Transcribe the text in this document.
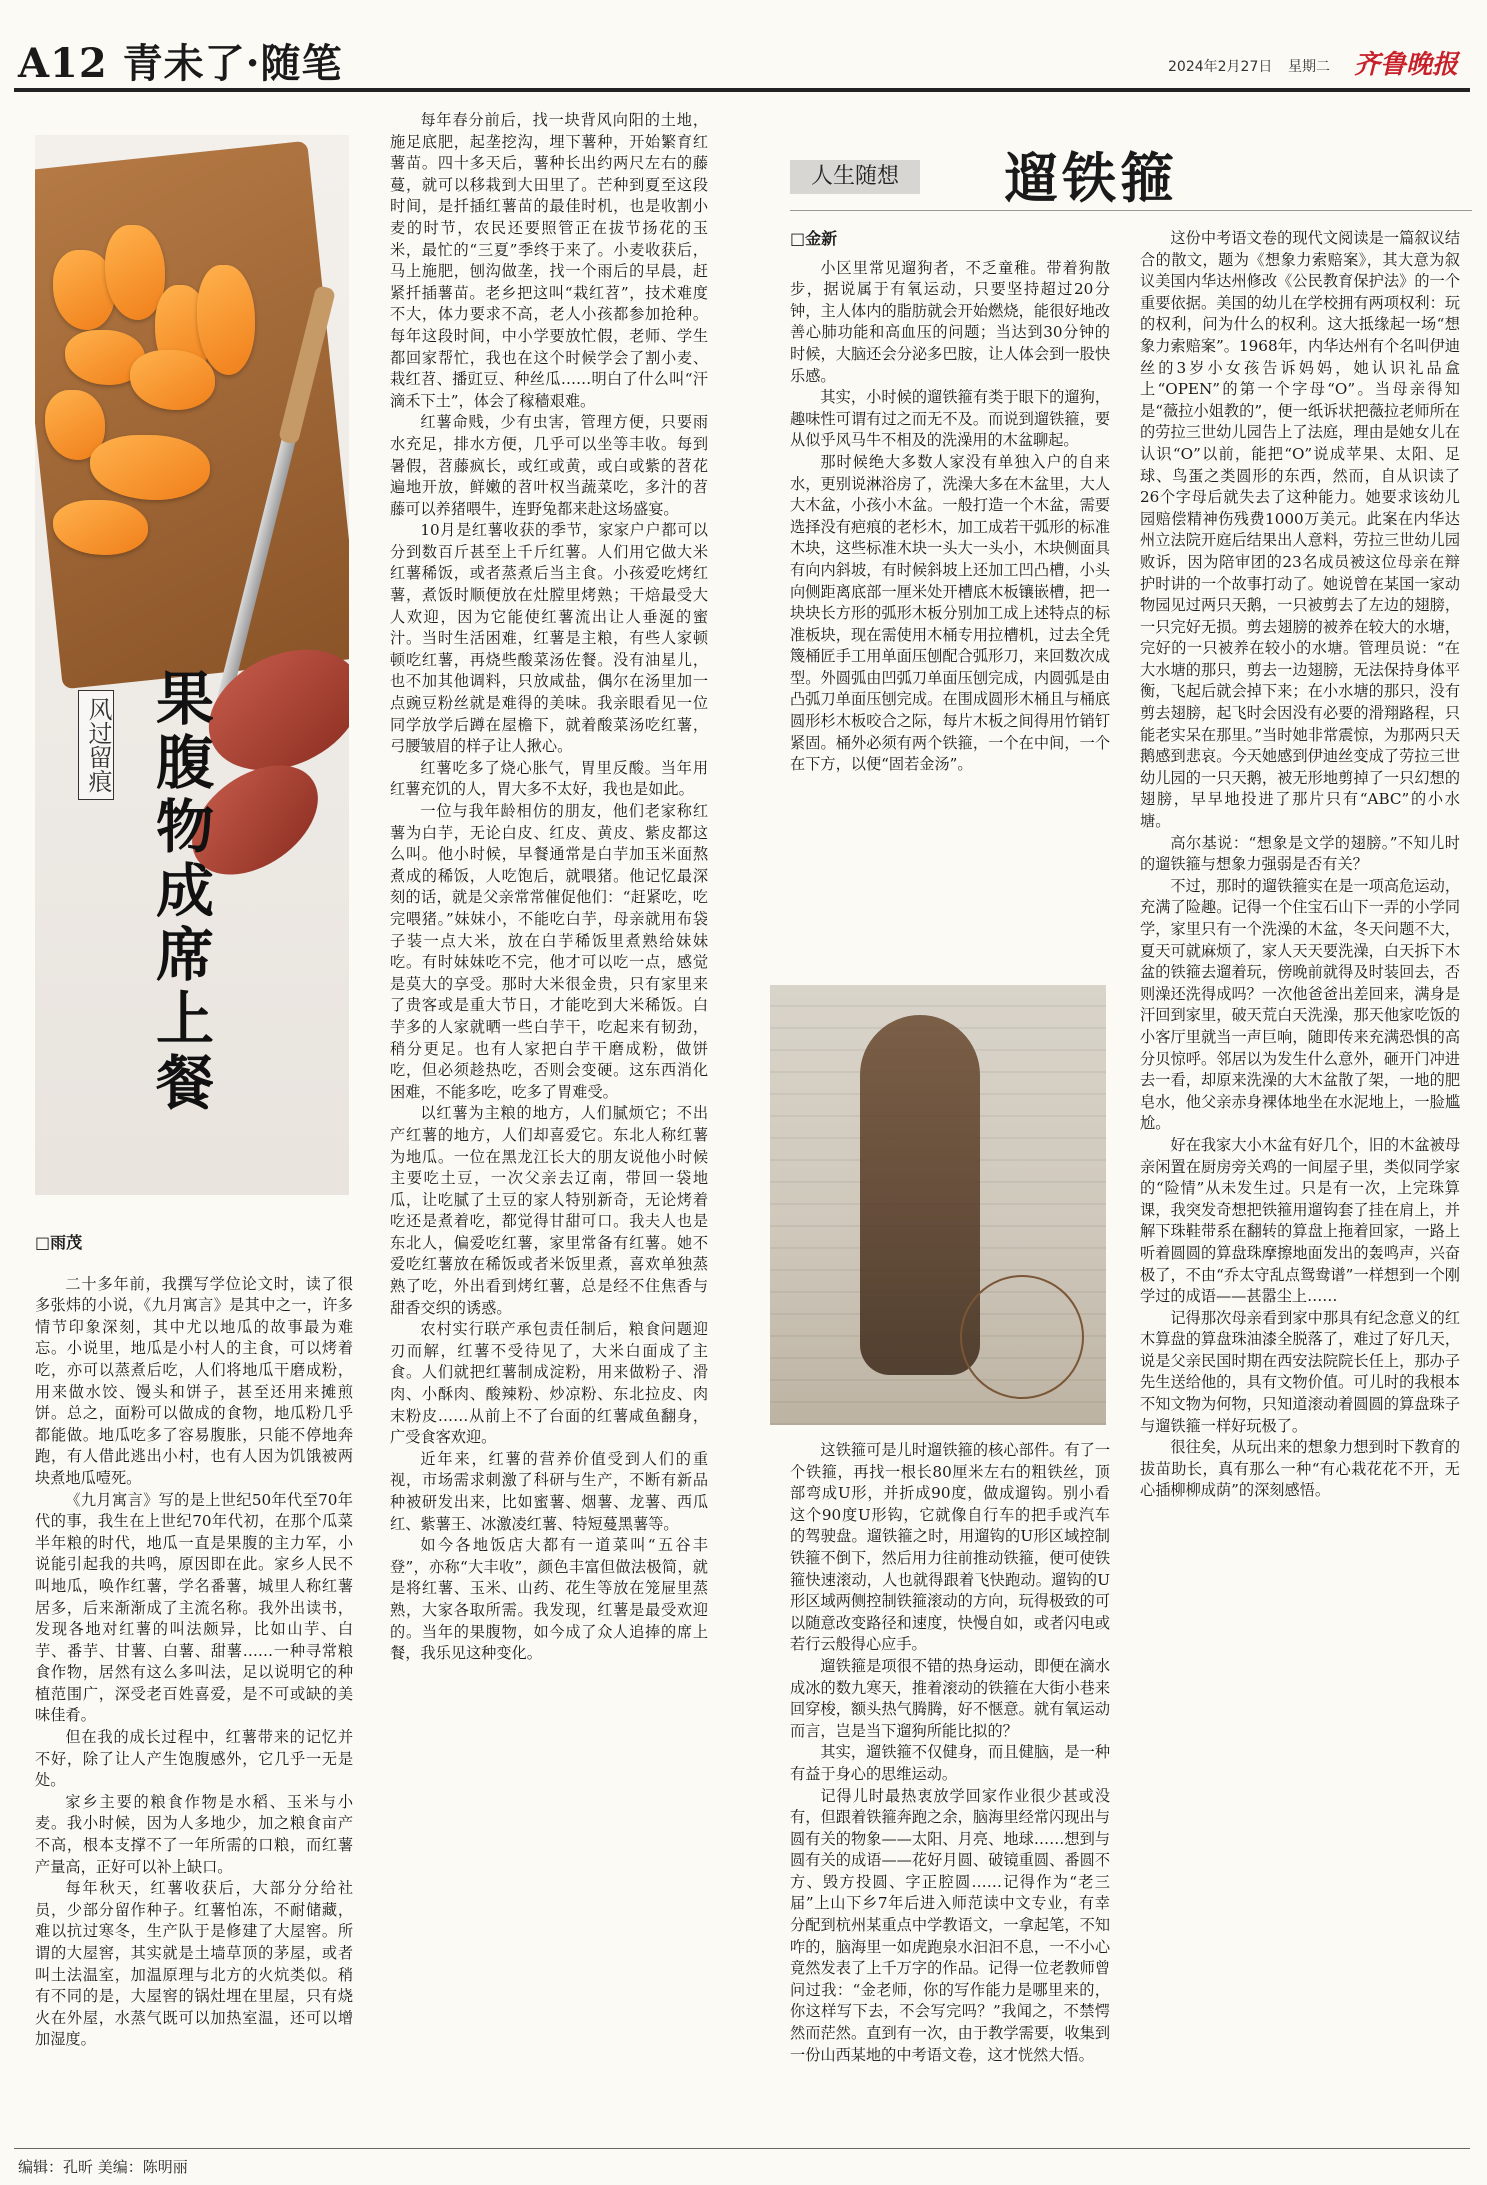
A12 青未了·随笔	2024年2月27日 星期二 齐鲁晚报
风过留痕 果腹物成席上餐
□雨茂

二十多年前，我撰写学位论文时，读了很多张炜的小说，《九月寓言》是其中之一，许多情节印象深刻，其中尤以地瓜的故事最为难忘。小说里，地瓜是小村人的主食，可以烤着吃，亦可以蒸煮后吃，人们将地瓜干磨成粉，用来做水饺、馒头和饼子，甚至还用来摊煎饼。总之，面粉可以做成的食物，地瓜粉几乎都能做。地瓜吃多了容易腹胀，只能不停地奔跑，有人借此逃出小村，也有人因为饥饿被两块煮地瓜噎死。

《九月寓言》写的是上世纪50年代至70年代的事，我生在上世纪70年代初，在那个瓜菜半年粮的时代，地瓜一直是果腹的主力军，小说能引起我的共鸣，原因即在此。家乡人民不叫地瓜，唤作红薯，学名番薯，城里人称红薯居多，后来渐渐成了主流名称。我外出读书，发现各地对红薯的叫法颇异，比如山芋、白芋、番芋、甘薯、白薯、甜薯……一种寻常粮食作物，居然有这么多叫法，足以说明它的种植范围广，深受老百姓喜爱，是不可或缺的美味佳肴。

但在我的成长过程中，红薯带来的记忆并不好，除了让人产生饱腹感外，它几乎一无是处。

家乡主要的粮食作物是水稻、玉米与小麦。我小时候，因为人多地少，加之粮食亩产不高，根本支撑不了一年所需的口粮，而红薯产量高，正好可以补上缺口。

每年秋天，红薯收获后，大部分分给社员，少部分留作种子。红薯怕冻，不耐储藏，难以抗过寒冬，生产队于是修建了大屋窖。所谓的大屋窖，其实就是土墙草顶的茅屋，或者叫土法温室，加温原理与北方的火炕类似。稍有不同的是，大屋窖的锅灶埋在里屋，只有烧火在外屋，水蒸气既可以加热室温，还可以增加湿度。

每年春分前后，找一块背风向阳的土地，施足底肥，起垄挖沟，埋下薯种，开始繁育红薯苗。四十多天后，薯种长出约两尺左右的藤蔓，就可以移栽到大田里了。芒种到夏至这段时间，是扦插红薯苗的最佳时机，也是收割小麦的时节，农民还要照管正在拔节扬花的玉米，最忙的“三夏”季终于来了。小麦收获后，马上施肥，刨沟做垄，找一个雨后的早晨，赶紧扦插薯苗。老乡把这叫“栽红苕”，技术难度不大，体力要求不高，老人小孩都参加抢种。每年这段时间，中小学要放忙假，老师、学生都回家帮忙，我也在这个时候学会了割小麦、栽红苕、播豇豆、种丝瓜……明白了什么叫“汗滴禾下土”，体会了稼穑艰难。

红薯命贱，少有虫害，管理方便，只要雨水充足，排水方便，几乎可以坐等丰收。每到暑假，苕藤疯长，或红或黄，或白或紫的苕花遍地开放，鲜嫩的苕叶权当蔬菜吃，多汁的苕藤可以养猪喂牛，连野兔都来赴这场盛宴。

10月是红薯收获的季节，家家户户都可以分到数百斤甚至上千斤红薯。人们用它做大米红薯稀饭，或者蒸煮后当主食。小孩爱吃烤红薯，煮饭时顺便放在灶膛里烤熟；干焙最受大人欢迎，因为它能使红薯流出让人垂涎的蜜汁。当时生活困难，红薯是主粮，有些人家顿顿吃红薯，再烧些酸菜汤佐餐。没有油星儿，也不加其他调料，只放咸盐，偶尔在汤里加一点豌豆粉丝就是难得的美味。我亲眼看见一位同学放学后蹲在屋檐下，就着酸菜汤吃红薯，弓腰皱眉的样子让人揪心。

红薯吃多了烧心胀气，胃里反酸。当年用红薯充饥的人，胃大多不太好，我也是如此。

一位与我年龄相仿的朋友，他们老家称红薯为白芋，无论白皮、红皮、黄皮、紫皮都这么叫。他小时候，早餐通常是白芋加玉米面熬煮成的稀饭，人吃饱后，就喂猪。他记忆最深刻的话，就是父亲常常催促他们：“赶紧吃，吃完喂猪。”妹妹小，不能吃白芋，母亲就用布袋子装一点大米，放在白芋稀饭里煮熟给妹妹吃。有时妹妹吃不完，他才可以吃一点，感觉是莫大的享受。那时大米很金贵，只有家里来了贵客或是重大节日，才能吃到大米稀饭。白芋多的人家就晒一些白芋干，吃起来有韧劲，稍分更足。也有人家把白芋干磨成粉，做饼吃，但必须趁热吃，否则会变硬。这东西消化困难，不能多吃，吃多了胃难受。

以红薯为主粮的地方，人们腻烦它；不出产红薯的地方，人们却喜爱它。东北人称红薯为地瓜。一位在黑龙江长大的朋友说他小时候主要吃土豆，一次父亲去辽南，带回一袋地瓜，让吃腻了土豆的家人特别新奇，无论烤着吃还是煮着吃，都觉得甘甜可口。我夫人也是东北人，偏爱吃红薯，家里常备有红薯。她不爱吃红薯放在稀饭或者米饭里煮，喜欢单独蒸熟了吃，外出看到烤红薯，总是经不住焦香与甜香交织的诱惑。

农村实行联产承包责任制后，粮食问题迎刃而解，红薯不受待见了，大米白面成了主食。人们就把红薯制成淀粉，用来做粉子、滑肉、小酥肉、酸辣粉、炒凉粉、东北拉皮、肉末粉皮……从前上不了台面的红薯咸鱼翻身，广受食客欢迎。

近年来，红薯的营养价值受到人们的重视，市场需求刺激了科研与生产，不断有新品种被研发出来，比如蜜薯、烟薯、龙薯、西瓜红、紫薯王、冰激凌红薯、特短蔓黑薯等。

如今各地饭店大都有一道菜叫“五谷丰登”，亦称“大丰收”，颜色丰富但做法极简，就是将红薯、玉米、山药、花生等放在笼屉里蒸熟，大家各取所需。我发现，红薯是最受欢迎的。当年的果腹物，如今成了众人追捧的席上餐，我乐见这种变化。

人生随想	遛铁箍
□金新

小区里常见遛狗者，不乏童稚。带着狗散步，据说属于有氧运动，只要坚持超过20分钟，主人体内的脂肪就会开始燃烧，能很好地改善心肺功能和高血压的问题；当达到30分钟的时候，大脑还会分泌多巴胺，让人体会到一股快乐感。

其实，小时候的遛铁箍有类于眼下的遛狗，趣味性可谓有过之而无不及。而说到遛铁箍，要从似乎风马牛不相及的洗澡用的木盆聊起。

那时候绝大多数人家没有单独入户的自来水，更别说淋浴房了，洗澡大多在木盆里，大人大木盆，小孩小木盆。一般打造一个木盆，需要选择没有疤痕的老杉木，加工成若干弧形的标准木块，这些标准木块一头大一头小，木块侧面具有向内斜坡，有时候斜坡上还加工凹凸槽，小头向侧距离底部一厘米处开槽底木板镶嵌槽，把一块块长方形的弧形木板分别加工成上述特点的标准板块，现在需使用木桶专用拉槽机，过去全凭篾桶匠手工用单面压刨配合弧形刀，来回数次成型。外圆弧由凹弧刀单面压刨完成，内圆弧是由凸弧刀单面压刨完成。在围成圆形木桶且与桶底圆形杉木板咬合之际，每片木板之间得用竹销钉紧固。桶外必须有两个铁箍，一个在中间，一个在下方，以便“固若金汤”。

这铁箍可是儿时遛铁箍的核心部件。有了一个铁箍，再找一根长80厘米左右的粗铁丝，顶部弯成U形，并折成90度，做成遛钩。别小看这个90度U形钩，它就像自行车的把手或汽车的驾驶盘。遛铁箍之时，用遛钩的U形区域控制铁箍不倒下，然后用力往前推动铁箍，便可使铁箍快速滚动，人也就得跟着飞快跑动。遛钩的U形区域两侧控制铁箍滚动的方向，玩得极致的可以随意改变路径和速度，快慢自如，或者闪电或若行云般得心应手。

遛铁箍是项很不错的热身运动，即便在滴水成冰的数九寒天，推着滚动的铁箍在大街小巷来回穿梭，额头热气腾腾，好不惬意。就有氧运动而言，岂是当下遛狗所能比拟的？

其实，遛铁箍不仅健身，而且健脑，是一种有益于身心的思维运动。

记得儿时最热衷放学回家作业很少甚或没有，但跟着铁箍奔跑之余，脑海里经常闪现出与圆有关的物象——太阳、月亮、地球……想到与圆有关的成语——花好月圆、破镜重圆、番圆不方、毁方投圆、字正腔圆……记得作为“老三届”上山下乡7年后进入师范读中文专业，有幸分配到杭州某重点中学教语文，一拿起笔，不知咋的，脑海里一如虎跑泉水汩汩不息，一不小心竟然发表了上千万字的作品。记得一位老教师曾问过我：“金老师，你的写作能力是哪里来的，你这样写下去，不会写完吗？”我闻之，不禁愕然而茫然。直到有一次，由于教学需要，收集到一份山西某地的中考语文卷，这才恍然大悟。

这份中考语文卷的现代文阅读是一篇叙议结合的散文，题为《想象力索赔案》，其大意为叙议美国内华达州修改《公民教育保护法》的一个重要依据。美国的幼儿在学校拥有两项权利：玩的权利，问为什么的权利。这大抵缘起一场“想象力索赔案”。1968年，内华达州有个名叫伊迪丝的3岁小女孩告诉妈妈，她认识礼品盒上“OPEN”的第一个字母“O”。当母亲得知是“薇拉小姐教的”，便一纸诉状把薇拉老师所在的劳拉三世幼儿园告上了法庭，理由是她女儿在认识“O”以前，能把“O”说成苹果、太阳、足球、鸟蛋之类圆形的东西，然而，自从识读了26个字母后就失去了这种能力。她要求该幼儿园赔偿精神伤残费1000万美元。此案在内华达州立法院开庭后结果出人意料，劳拉三世幼儿园败诉，因为陪审团的23名成员被这位母亲在辩护时讲的一个故事打动了。她说曾在某国一家动物园见过两只天鹅，一只被剪去了左边的翅膀，一只完好无损。剪去翅膀的被养在较大的水塘，完好的一只被养在较小的水塘。管理员说：“在大水塘的那只，剪去一边翅膀，无法保持身体平衡，飞起后就会掉下来；在小水塘的那只，没有剪去翅膀，起飞时会因没有必要的滑翔路程，只能老实呆在那里。”当时她非常震惊，为那两只天鹅感到悲哀。今天她感到伊迪丝变成了劳拉三世幼儿园的一只天鹅，被无形地剪掉了一只幻想的翅膀，早早地投进了那片只有“ABC”的小水塘。

高尔基说：“想象是文学的翅膀。”不知儿时的遛铁箍与想象力强弱是否有关？

不过，那时的遛铁箍实在是一项高危运动，充满了险趣。记得一个住宝石山下一弄的小学同学，家里只有一个洗澡的木盆，冬天问题不大，夏天可就麻烦了，家人天天要洗澡，白天拆下木盆的铁箍去遛着玩，傍晚前就得及时装回去，否则澡还洗得成吗？一次他爸爸出差回来，满身是汗回到家里，破天荒白天洗澡，那天他家吃饭的小客厅里就当一声巨响，随即传来充满恐惧的高分贝惊呼。邻居以为发生什么意外，砸开门冲进去一看，却原来洗澡的大木盆散了架，一地的肥皂水，他父亲赤身裸体地坐在水泥地上，一脸尴尬。

好在我家大小木盆有好几个，旧的木盆被母亲闲置在厨房旁关鸡的一间屋子里，类似同学家的“险情”从未发生过。只是有一次，上完珠算课，我突发奇想把铁箍用遛钩套了挂在肩上，并解下珠鞋带系在翻转的算盘上拖着回家，一路上听着圆圆的算盘珠摩擦地面发出的轰鸣声，兴奋极了，不由“乔太守乱点鸳鸯谱”一样想到一个刚学过的成语——甚嚣尘上……

记得那次母亲看到家中那具有纪念意义的红木算盘的算盘珠油漆全脱落了，难过了好几天，说是父亲民国时期在西安法院院长任上，那办子先生送给他的，具有文物价值。可儿时的我根本不知文物为何物，只知道滚动着圆圆的算盘珠子与遛铁箍一样好玩极了。

很往矣，从玩出来的想象力想到时下教育的拔苗助长，真有那么一种“有心栽花花不开，无心插柳柳成荫”的深刻感悟。

编辑：孔昕 美编：陈明丽
